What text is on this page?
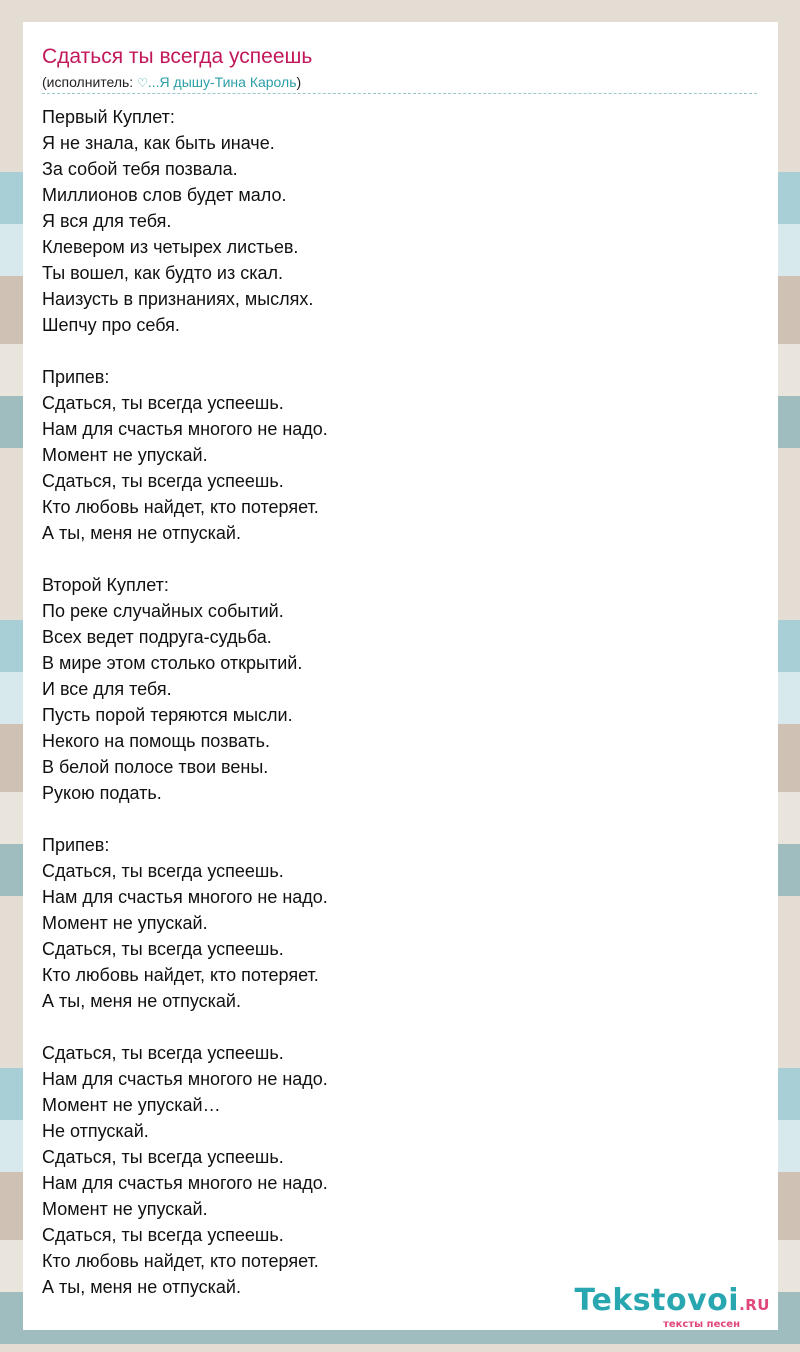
Сдаться ты всегда успеешь
(исполнитель: ♡...Я дышу-Тина Кароль)
Первый Куплет:
Я не знала, как быть иначе.
За собой тебя позвала.
Миллионов слов будет мало.
Я вся для тебя.
Клевером из четырех листьев.
Ты вошел, как будто из скал.
Наизусть в признаниях, мыслях.
Шепчу про себя.
Припев:
Сдаться, ты всегда успеешь.
Нам для счастья многого не надо.
Момент не упускай.
Сдаться, ты всегда успеешь.
Кто любовь найдет, кто потеряет.
А ты, меня не отпускай.
Второй Куплет:
По реке случайных событий.
Всех ведет подруга-судьба.
В мире этом столько открытий.
И все для тебя.
Пусть порой теряются мысли.
Некого на помощь позвать.
В белой полосе твои вены.
Рукою подать.
Припев:
Сдаться, ты всегда успеешь.
Нам для счастья многого не надо.
Момент не упускай.
Сдаться, ты всегда успеешь.
Кто любовь найдет, кто потеряет.
А ты, меня не отпускай.
Сдаться, ты всегда успеешь.
Нам для счастья многого не надо.
Момент не упускай…
Не отпускай.
Сдаться, ты всегда успеешь.
Нам для счастья многого не надо.
Момент не упускай.
Сдаться, ты всегда успеешь.
Кто любовь найдет, кто потеряет.
А ты, меня не отпускай.	Tekstovoi.RU
тексты песен
